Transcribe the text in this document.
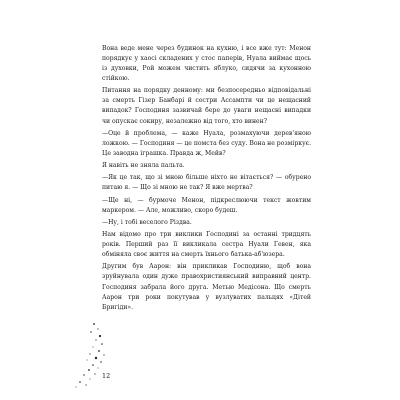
Вона веде мене через будинок на кухню, і все вже тут: Менон порядкує у хаосі складених у стос паперів, Нуала виймає щось із духовки, Рой можем чистить яблуко, сидячи за кухонною стійкою.

Питання на порядку денному: ми безпосередньо відповідальні за смерть Гізер Банбарі й сестри Ассампти чи це нещасний випадок? Господиня зазвичай бере до уваги нещасні випадки чи опускає сокиру, незалежно від того, хто винен?

—Оце й проблема, — каже Нуала, розмахуючи дерев'яною ложкою. — Господиня — це помста без суду. Вона не розміркує. Це заводна іграшка. Правда ж, Мейв?

Я навіть не зняла пальта.

—Як це так, що зі мною більше ніхто не вітається? — обурено питаю я. — Що зі мною не так? Я вже мертва?

—Ще ні, — бурмоче Менон, підкреслюючи текст жовтим маркером. — Але, можливо, скоро будеш.

—Ну, і тобі веселого Різдва.

Нам відомо про три виклики Господині за останні тридцять років. Перший раз її викликала сестра Нуали Гевен, яка обміняла своє життя на смерть їхнього батька-аб'юзера.

Другим був Аарон: він прикликав Господиню, щоб вона зруйнувала один дуже правохристиянський виправний центр. Господиня забрала його друга. Метью Медісона. Що смерть Аарон три роки покутував у вузлуватих пальцях «Дітей Бригіди».

12
